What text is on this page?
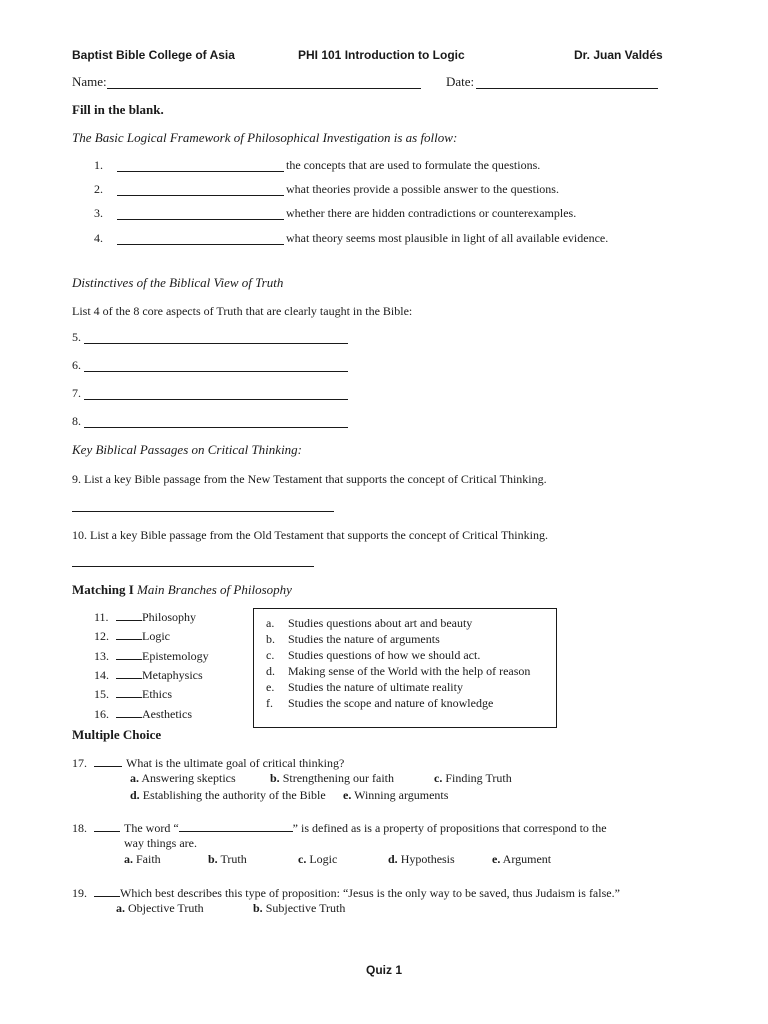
Baptist Bible College of Asia	PHI 101 Introduction to Logic	Dr. Juan Valdés
Name:	Date:
Fill in the blank.
The Basic Logical Framework of Philosophical Investigation is as follow:
1.	the concepts that are used to formulate the questions.
2.	what theories provide a possible answer to the questions.
3.	whether there are hidden contradictions or counterexamples.
4.	what theory seems most plausible in light of all available evidence.
Distinctives of the Biblical View of Truth
List 4 of the 8 core aspects of Truth that are clearly taught in the Bible:
5.
6.
7.
8.
Key Biblical Passages on Critical Thinking:
9. List a key Bible passage from the New Testament that supports the concept of Critical Thinking.
10. List a key Bible passage from the Old Testament that supports the concept of Critical Thinking.
Matching I Main Branches of Philosophy
11.	Philosophy
12.	Logic
13.	Epistemology
14.	Metaphysics
15.	Ethics
16.	Aesthetics
a. Studies questions about art and beauty
b. Studies the nature of arguments
c. Studies questions of how we should act.
d. Making sense of the World with the help of reason
e. Studies the nature of ultimate reality
f. Studies the scope and nature of knowledge
Multiple Choice
17.	What is the ultimate goal of critical thinking?
a. Answering skeptics	b. Strengthening our faith	c. Finding Truth
d. Establishing the authority of the Bible e. Winning arguments
18.	The word “	” is defined as is a property of propositions that correspond to the
way things are.
a. Faith	b. Truth	c. Logic	d. Hypothesis	e. Argument
19.	Which best describes this type of proposition: “Jesus is the only way to be saved, thus Judaism is false.”
a. Objective Truth	b. Subjective Truth
Quiz 1
